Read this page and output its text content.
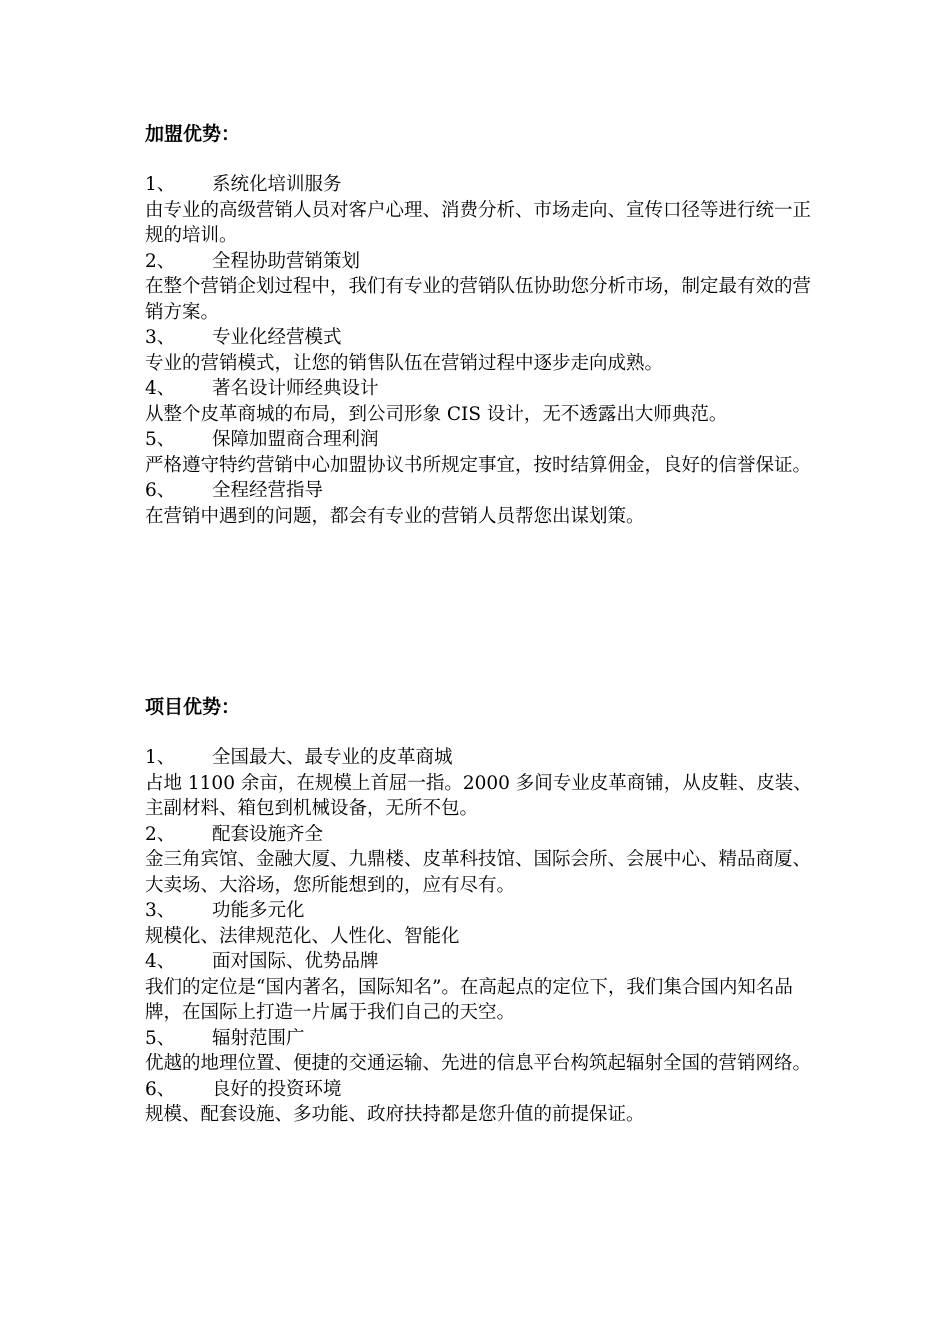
加盟优势：
1、	系统化培训服务

由专业的高级营销人员对客户心理、消费分析、市场走向、宣传口径等进行统一正规的培训。

2、	全程协助营销策划

在整个营销企划过程中，我们有专业的营销队伍协助您分析市场，制定最有效的营销方案。

3、	专业化经营模式

专业的营销模式，让您的销售队伍在营销过程中逐步走向成熟。

4、	著名设计师经典设计

从整个皮革商城的布局，到公司形象 CIS 设计，无不透露出大师典范。

5、	保障加盟商合理利润

严格遵守特约营销中心加盟协议书所规定事宜，按时结算佣金，良好的信誉保证。

6、	全程经营指导

在营销中遇到的问题，都会有专业的营销人员帮您出谋划策。

项目优势：
1、	全国最大、最专业的皮革商城

占地 1100 余亩，在规模上首屈一指。2000 多间专业皮革商铺，从皮鞋、皮装、主副材料、箱包到机械设备，无所不包。

2、	配套设施齐全

金三角宾馆、金融大厦、九鼎楼、皮革科技馆、国际会所、会展中心、精品商厦、大卖场、大浴场，您所能想到的，应有尽有。

3、	功能多元化

规模化、法律规范化、人性化、智能化

4、	面对国际、优势品牌

我们的定位是“国内著名，国际知名”。在高起点的定位下，我们集合国内知名品牌，在国际上打造一片属于我们自己的天空。

5、	辐射范围广

优越的地理位置、便捷的交通运输、先进的信息平台构筑起辐射全国的营销网络。

6、	良好的投资环境

规模、配套设施、多功能、政府扶持都是您升值的前提保证。
